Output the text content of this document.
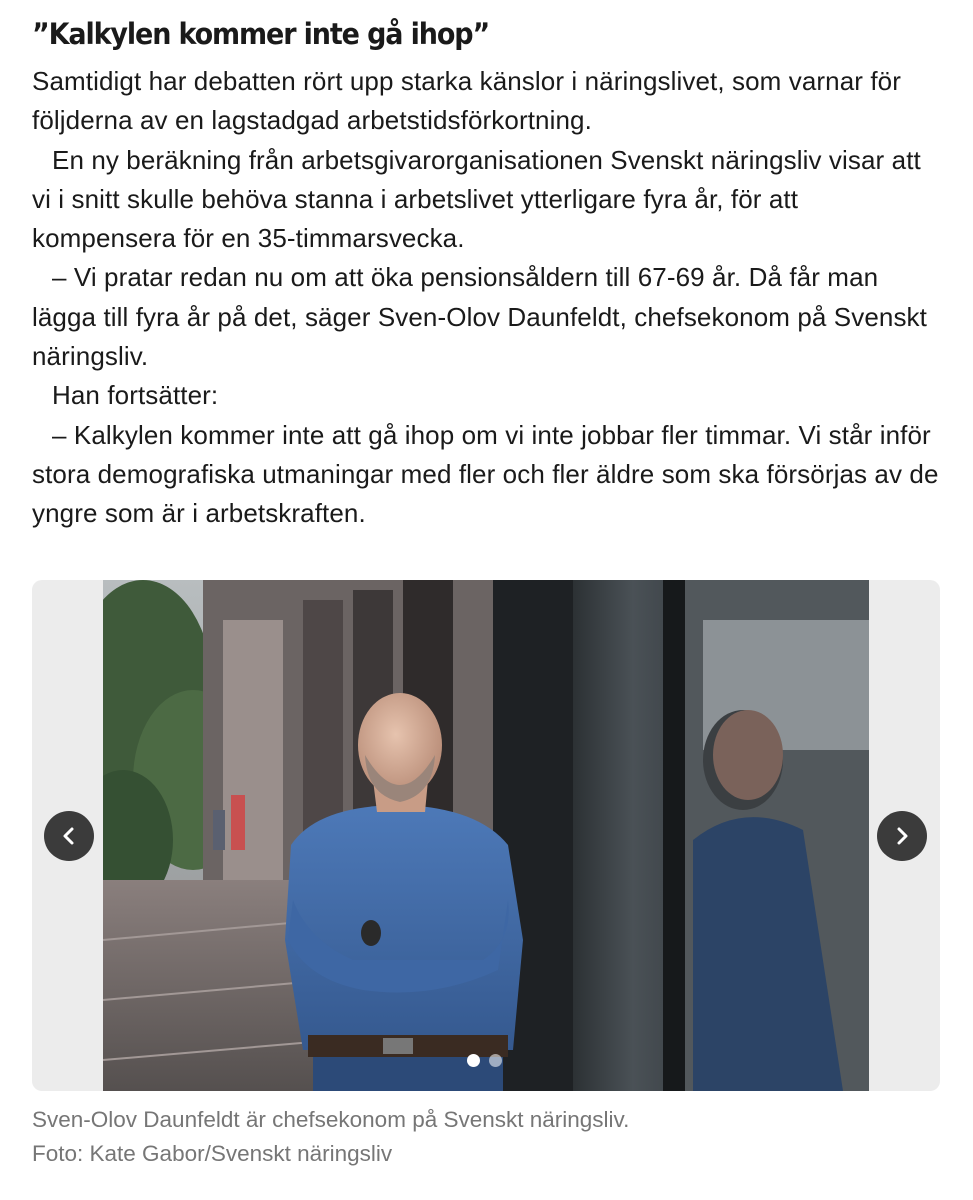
”Kalkylen kommer inte gå ihop”

Samtidigt har debatten rört upp starka känslor i näringslivet, som varnar för följderna av en lagstadgad arbetstidsförkortning.

En ny beräkning från arbetsgivarorganisationen Svenskt näringsliv visar att vi i snitt skulle behöva stanna i arbetslivet ytterligare fyra år, för att kompensera för en 35-timmarsvecka.

– Vi pratar redan nu om att öka pensionsåldern till 67-69 år. Då får man lägga till fyra år på det, säger Sven-Olov Daunfeldt, chefsekonom på Svenskt näringsliv.

Han fortsätter:

– Kalkylen kommer inte att gå ihop om vi inte jobbar fler timmar. Vi står inför stora demografiska utmaningar med fler och fler äldre som ska försörjas av de yngre som är i arbetskraften.

Sven-Olov Daunfeldt är chefsekonom på Svenskt näringsliv.
Foto: Kate Gabor/Svenskt näringsliv
